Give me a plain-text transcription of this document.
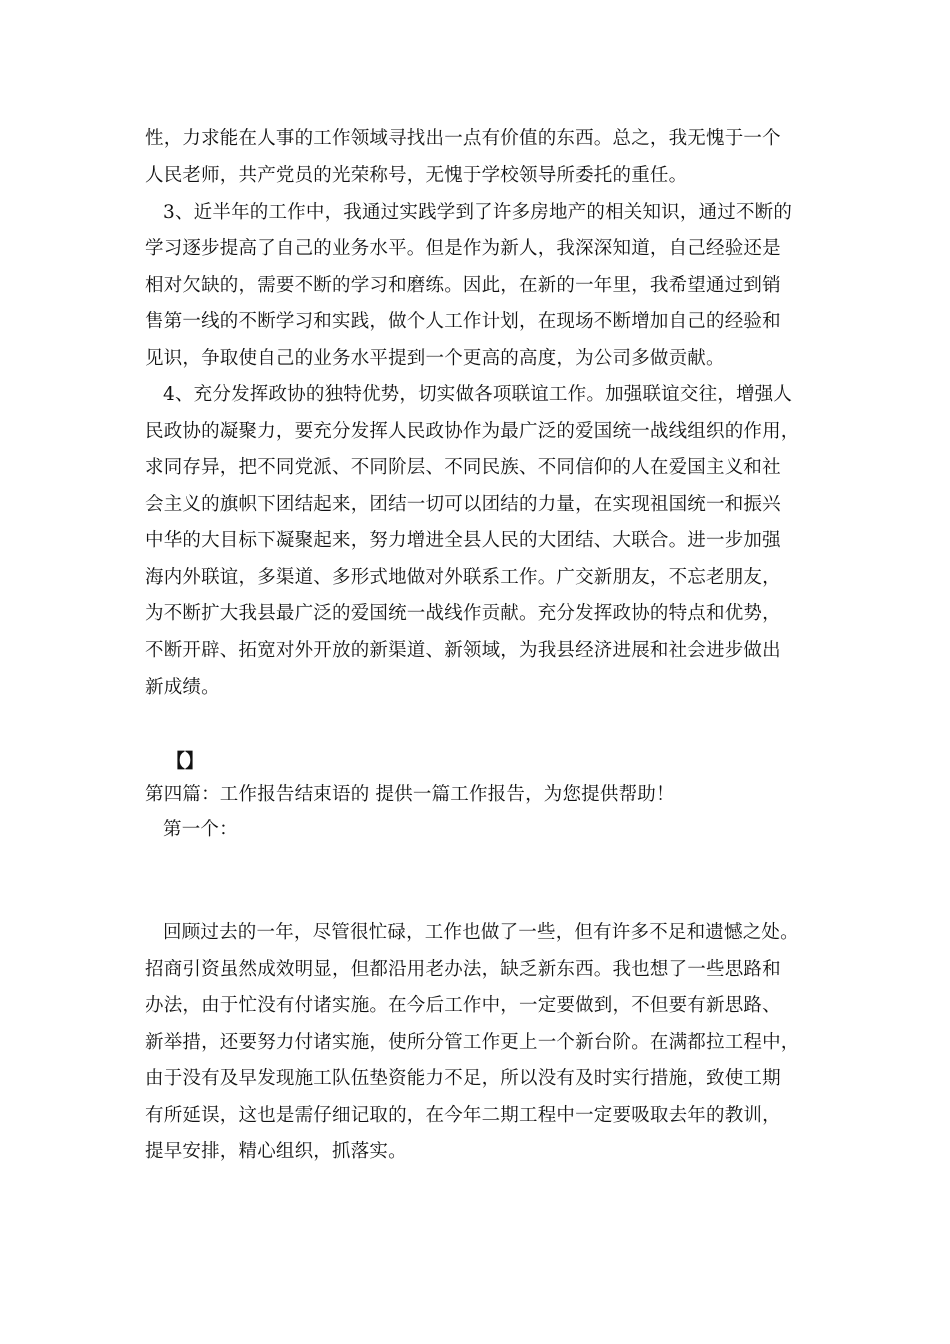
性，力求能在人事的工作领域寻找出一点有价值的东西。总之，我无愧于一个
人民老师，共产党员的光荣称号，无愧于学校领导所委托的重任。
3、近半年的工作中，我通过实践学到了许多房地产的相关知识，通过不断的
学习逐步提高了自己的业务水平。但是作为新人，我深深知道，自己经验还是
相对欠缺的，需要不断的学习和磨练。因此，在新的一年里，我希望通过到销
售第一线的不断学习和实践，做个人工作计划，在现场不断增加自己的经验和
见识，争取使自己的业务水平提到一个更高的高度，为公司多做贡献。
4、充分发挥政协的独特优势，切实做各项联谊工作。加强联谊交往，增强人
民政协的凝聚力，要充分发挥人民政协作为最广泛的爱国统一战线组织的作用，
求同存异，把不同党派、不同阶层、不同民族、不同信仰的人在爱国主义和社
会主义的旗帜下团结起来，团结一切可以团结的力量，在实现祖国统一和振兴
中华的大目标下凝聚起来，努力增进全县人民的大团结、大联合。进一步加强
海内外联谊，多渠道、多形式地做对外联系工作。广交新朋友，不忘老朋友，
为不断扩大我县最广泛的爱国统一战线作贡献。充分发挥政协的特点和优势，
不断开辟、拓宽对外开放的新渠道、新领域，为我县经济进展和社会进步做出
新成绩。
【】
第四篇：工作报告结束语的 提供一篇工作报告，为您提供帮助！
第一个：
回顾过去的一年，尽管很忙碌，工作也做了一些，但有许多不足和遗憾之处。
招商引资虽然成效明显，但都沿用老办法，缺乏新东西。我也想了一些思路和
办法，由于忙没有付诸实施。在今后工作中，一定要做到，不但要有新思路、
新举措，还要努力付诸实施，使所分管工作更上一个新台阶。在满都拉工程中，
由于没有及早发现施工队伍垫资能力不足，所以没有及时实行措施，致使工期
有所延误，这也是需仔细记取的，在今年二期工程中一定要吸取去年的教训，
提早安排，精心组织，抓落实。
